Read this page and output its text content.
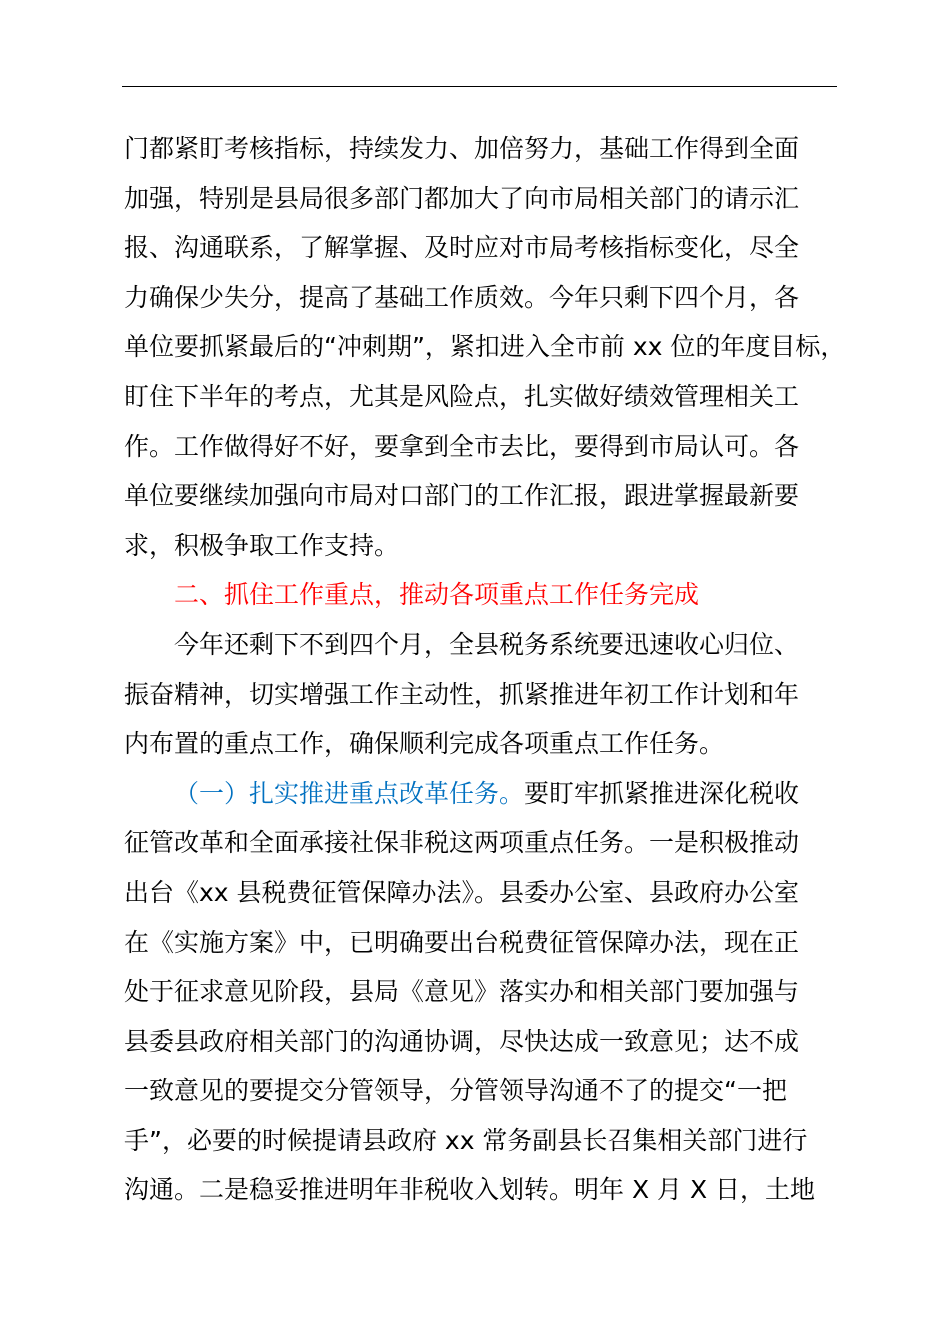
门都紧盯考核指标，持续发力、加倍努力，基础工作得到全面
加强，特别是县局很多部门都加大了向市局相关部门的请示汇
报、沟通联系，了解掌握、及时应对市局考核指标变化，尽全
力确保少失分，提高了基础工作质效。今年只剩下四个月，各
单位要抓紧最后的“冲刺期”，紧扣进入全市前 xx 位的年度目标，
盯住下半年的考点，尤其是风险点，扎实做好绩效管理相关工
作。工作做得好不好，要拿到全市去比，要得到市局认可。各
单位要继续加强向市局对口部门的工作汇报，跟进掌握最新要
求，积极争取工作支持。

二、抓住工作重点，推动各项重点工作任务完成

今年还剩下不到四个月，全县税务系统要迅速收心归位、
振奋精神，切实增强工作主动性，抓紧推进年初工作计划和年
内布置的重点工作，确保顺利完成各项重点工作任务。

（一）扎实推进重点改革任务。要盯牢抓紧推进深化税收
征管改革和全面承接社保非税这两项重点任务。一是积极推动
出台《xx 县税费征管保障办法》。县委办公室、县政府办公室
在《实施方案》中，已明确要出台税费征管保障办法，现在正
处于征求意见阶段，县局《意见》落实办和相关部门要加强与
县委县政府相关部门的沟通协调，尽快达成一致意见；达不成
一致意见的要提交分管领导，分管领导沟通不了的提交“一把
手”，必要的时候提请县政府 xx 常务副县长召集相关部门进行
沟通。二是稳妥推进明年非税收入划转。明年 X 月 X 日，土地
